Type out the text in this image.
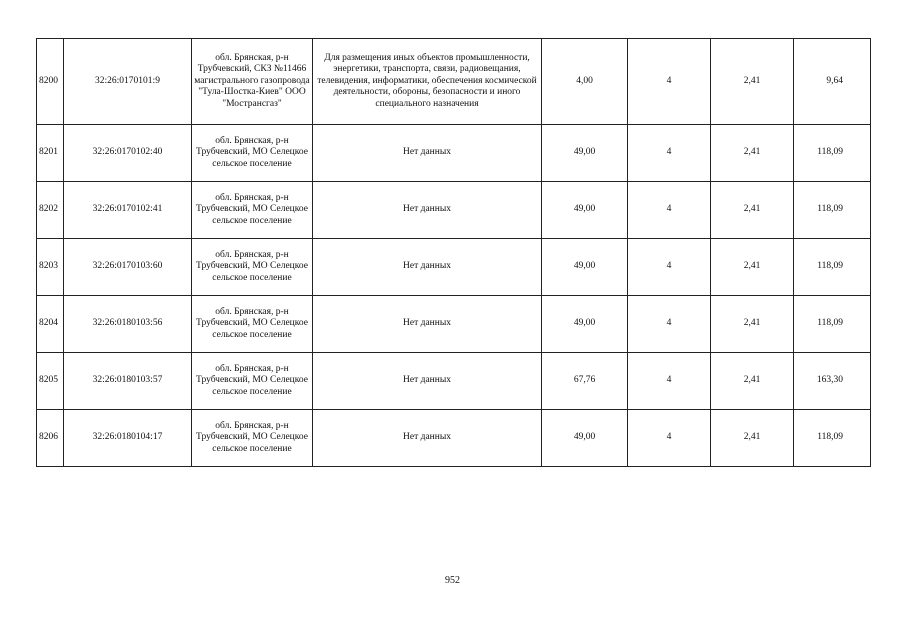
8200	32:26:0170101:9	обл. Брянская, р-н Трубчевский, СКЗ №11466 магистрального газопровода "Тула-Шостка-Киев" ООО "Мострансгаз"	Для размещения иных объектов промышленности, энергетики, транспорта, связи, радиовещания, телевидения, информатики, обеспечения космической деятельности, обороны, безопасности и иного специального назначения	4,00	4	2,41	9,64
8201	32:26:0170102:40	обл. Брянская, р-н Трубчевский, МО Селецкое сельское поселение	Нет данных	49,00	4	2,41	118,09
8202	32:26:0170102:41	обл. Брянская, р-н Трубчевский, МО Селецкое сельское поселение	Нет данных	49,00	4	2,41	118,09
8203	32:26:0170103:60	обл. Брянская, р-н Трубчевский, МО Селецкое сельское поселение	Нет данных	49,00	4	2,41	118,09
8204	32:26:0180103:56	обл. Брянская, р-н Трубчевский, МО Селецкое сельское поселение	Нет данных	49,00	4	2,41	118,09
8205	32:26:0180103:57	обл. Брянская, р-н Трубчевский, МО Селецкое сельское поселение	Нет данных	67,76	4	2,41	163,30
8206	32:26:0180104:17	обл. Брянская, р-н Трубчевский, МО Селецкое сельское поселение	Нет данных	49,00	4	2,41	118,09
952
